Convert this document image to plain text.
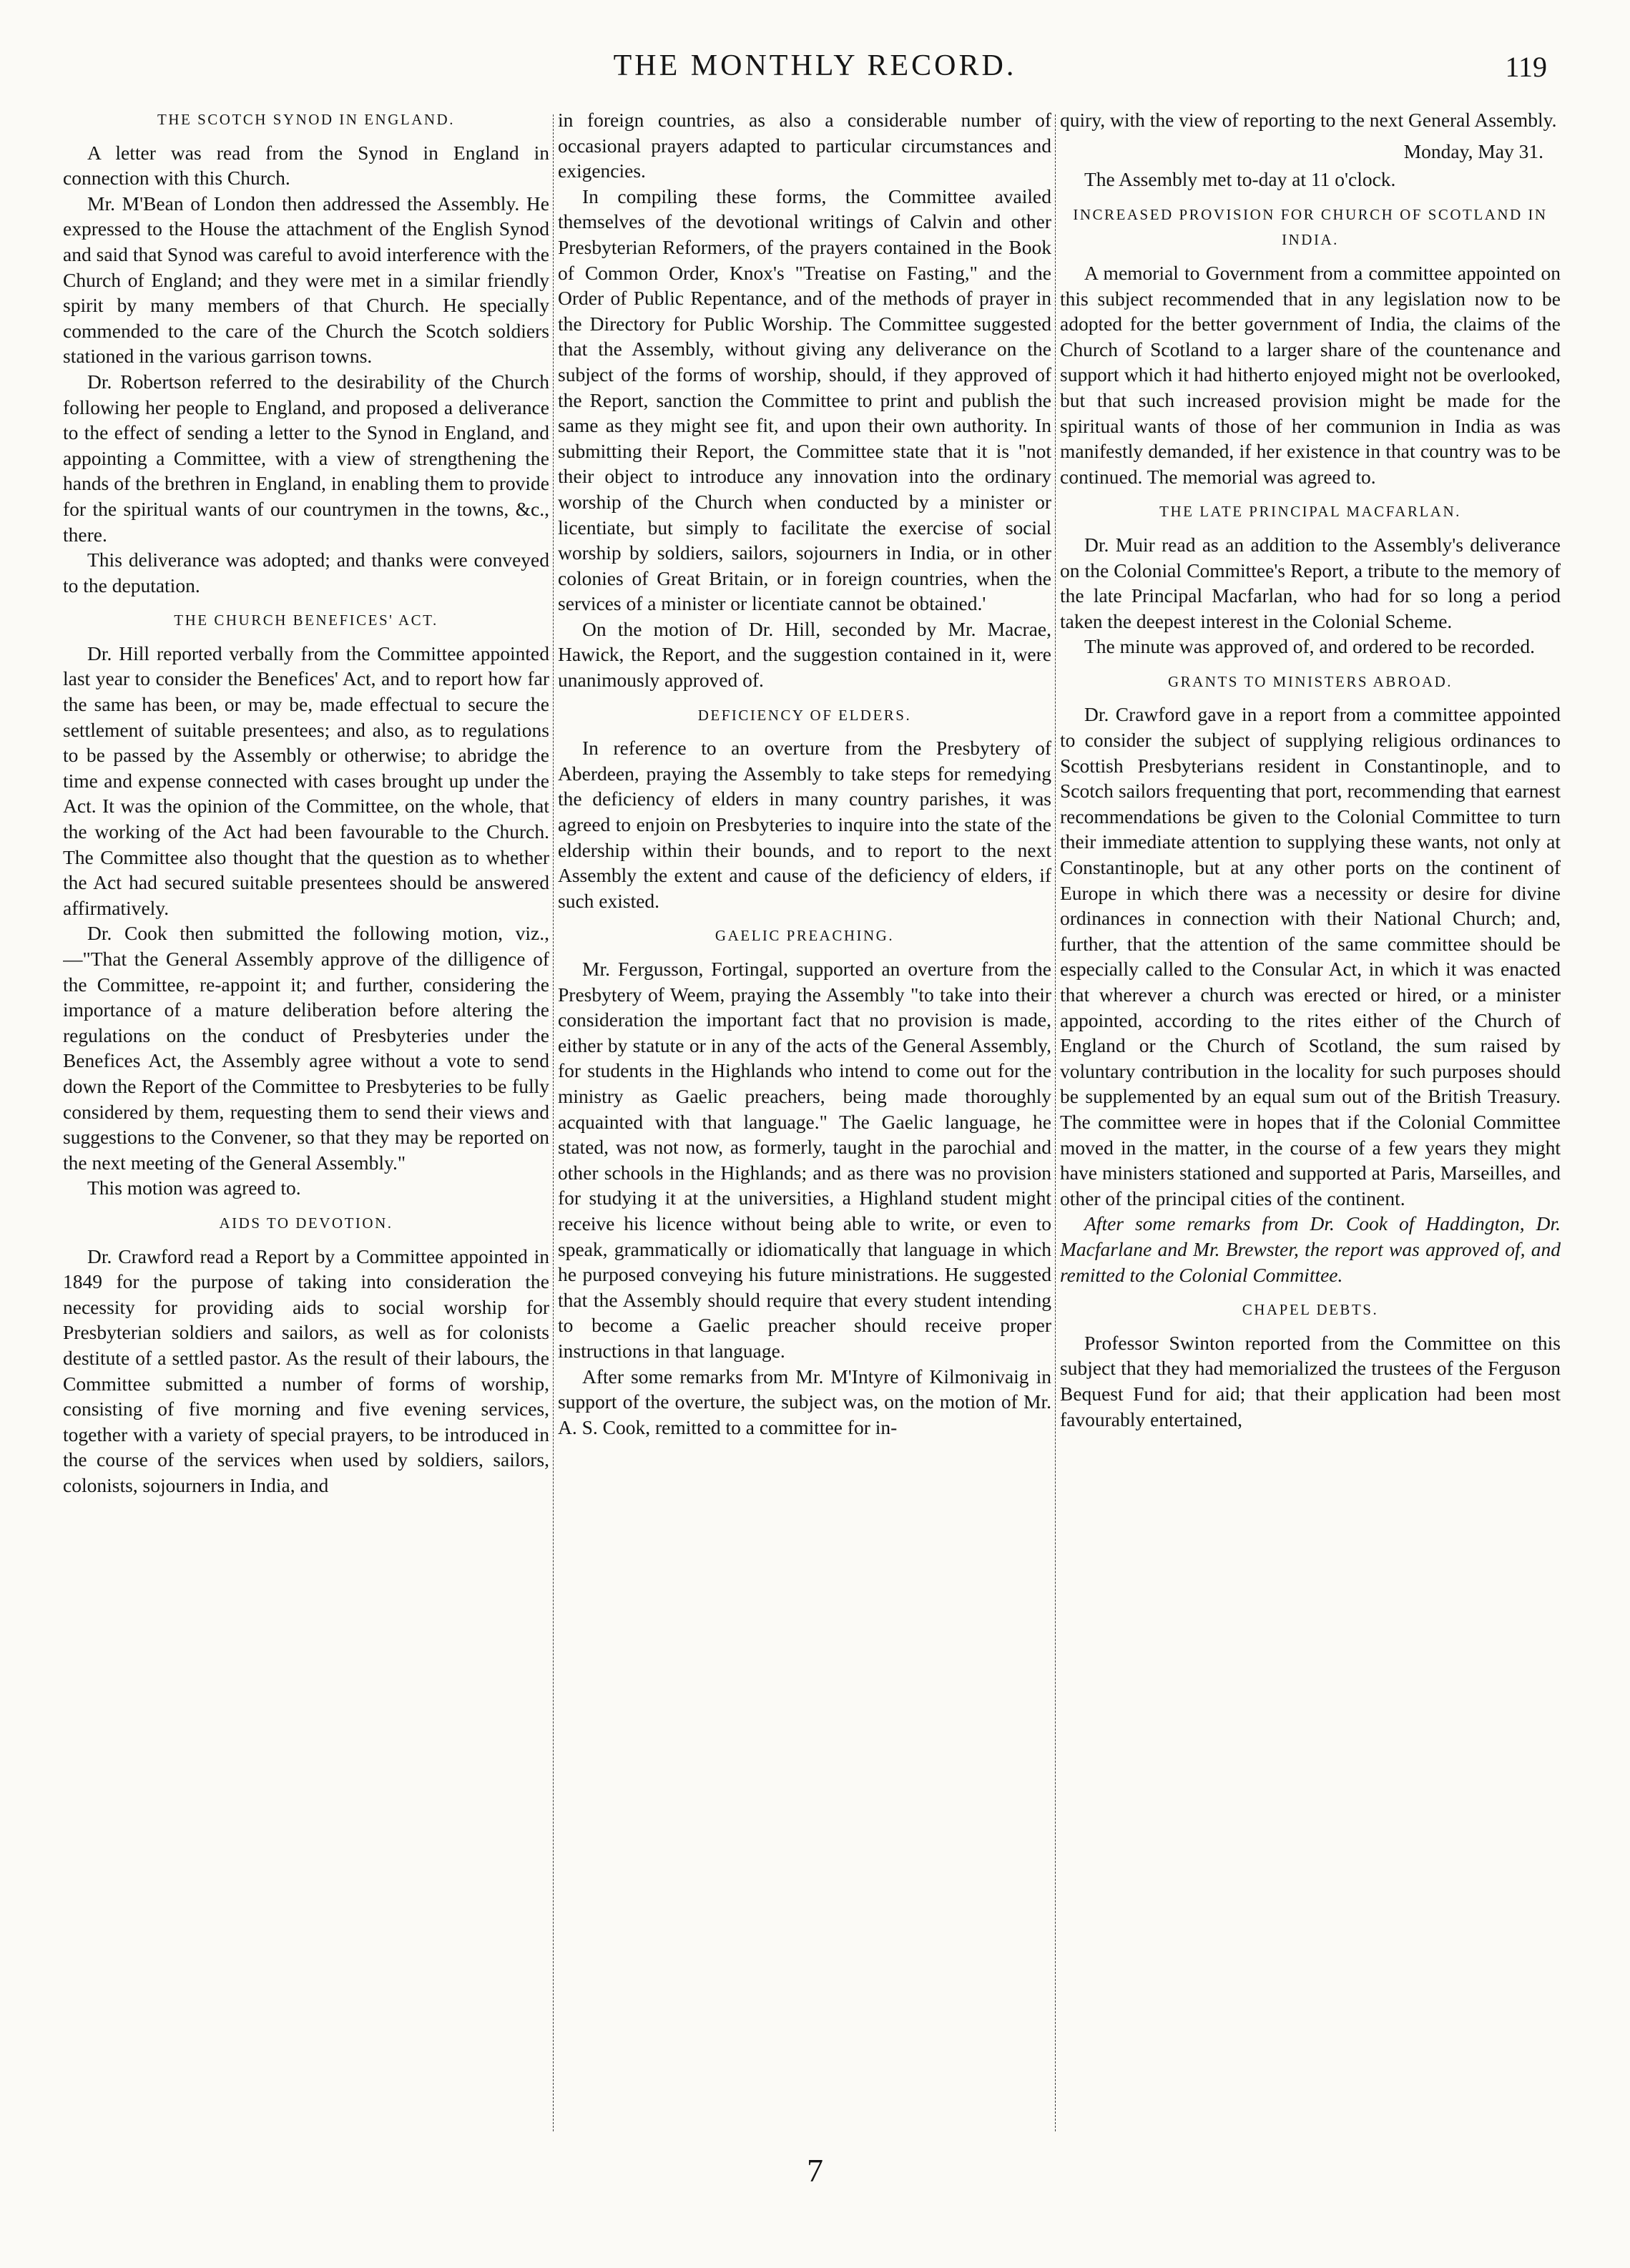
THE MONTHLY RECORD.	119
THE SCOTCH SYNOD IN ENGLAND.

A letter was read from the Synod in England in connection with this Church.

Mr. M'Bean of London then addressed the Assembly. He expressed to the House the attachment of the English Synod and said that Synod was careful to avoid interference with the Church of England; and they were met in a similar friendly spirit by many members of that Church. He specially commended to the care of the Church the Scotch soldiers stationed in the various garrison towns.

Dr. Robertson referred to the desirability of the Church following her people to England, and proposed a deliverance to the effect of sending a letter to the Synod in England, and appointing a Committee, with a view of strengthening the hands of the brethren in England, in enabling them to provide for the spiritual wants of our countrymen in the towns, &c., there.

This deliverance was adopted; and thanks were conveyed to the deputation.

THE CHURCH BENEFICES' ACT.

Dr. Hill reported verbally from the Committee appointed last year to consider the Benefices' Act, and to report how far the same has been, or may be, made effectual to secure the settlement of suitable presentees; and also, as to regulations to be passed by the Assembly or otherwise; to abridge the time and expense connected with cases brought up under the Act. It was the opinion of the Committee, on the whole, that the working of the Act had been favourable to the Church. The Committee also thought that the question as to whether the Act had secured suitable presentees should be answered affirmatively.

Dr. Cook then submitted the following motion, viz.,—"That the General Assembly approve of the dilligence of the Committee, re-appoint it; and further, considering the importance of a mature deliberation before altering the regulations on the conduct of Presbyteries under the Benefices Act, the Assembly agree without a vote to send down the Report of the Committee to Presbyteries to be fully considered by them, requesting them to send their views and suggestions to the Convener, so that they may be reported on the next meeting of the General Assembly."

This motion was agreed to.

AIDS TO DEVOTION.

Dr. Crawford read a Report by a Committee appointed in 1849 for the purpose of taking into consideration the necessity for providing aids to social worship for Presbyterian soldiers and sailors, as well as for colonists destitute of a settled pastor. As the result of their labours, the Committee submitted a number of forms of worship, consisting of five morning and five evening services, together with a variety of special prayers, to be introduced in the course of the services when used by soldiers, sailors, colonists, sojourners in India, and

in foreign countries, as also a considerable number of occasional prayers adapted to particular circumstances and exigencies.

In compiling these forms, the Committee availed themselves of the devotional writings of Calvin and other Presbyterian Reformers, of the prayers contained in the Book of Common Order, Knox's "Treatise on Fasting," and the Order of Public Repentance, and of the methods of prayer in the Directory for Public Worship. The Committee suggested that the Assembly, without giving any deliverance on the subject of the forms of worship, should, if they approved of the Report, sanction the Committee to print and publish the same as they might see fit, and upon their own authority. In submitting their Report, the Committee state that it is "not their object to introduce any innovation into the ordinary worship of the Church when conducted by a minister or licentiate, but simply to facilitate the exercise of social worship by soldiers, sailors, sojourners in India, or in other colonies of Great Britain, or in foreign countries, when the services of a minister or licentiate cannot be obtained.'

On the motion of Dr. Hill, seconded by Mr. Macrae, Hawick, the Report, and the suggestion contained in it, were unanimously approved of.

DEFICIENCY OF ELDERS.

In reference to an overture from the Presbytery of Aberdeen, praying the Assembly to take steps for remedying the deficiency of elders in many country parishes, it was agreed to enjoin on Presbyteries to inquire into the state of the eldership within their bounds, and to report to the next Assembly the extent and cause of the deficiency of elders, if such existed.

GAELIC PREACHING.

Mr. Fergusson, Fortingal, supported an overture from the Presbytery of Weem, praying the Assembly "to take into their consideration the important fact that no provision is made, either by statute or in any of the acts of the General Assembly, for students in the Highlands who intend to come out for the ministry as Gaelic preachers, being made thoroughly acquainted with that language." The Gaelic language, he stated, was not now, as formerly, taught in the parochial and other schools in the Highlands; and as there was no provision for studying it at the universities, a Highland student might receive his licence without being able to write, or even to speak, grammatically or idiomatically that language in which he purposed conveying his future ministrations. He suggested that the Assembly should require that every student intending to become a Gaelic preacher should receive proper instructions in that language.

After some remarks from Mr. M'Intyre of Kilmonivaig in support of the overture, the subject was, on the motion of Mr. A. S. Cook, remitted to a committee for in-

quiry, with the view of reporting to the next General Assembly.

Monday, May 31.

The Assembly met to-day at 11 o'clock.

INCREASED PROVISION FOR CHURCH OF SCOTLAND IN INDIA.

A memorial to Government from a committee appointed on this subject recommended that in any legislation now to be adopted for the better government of India, the claims of the Church of Scotland to a larger share of the countenance and support which it had hitherto enjoyed might not be overlooked, but that such increased provision might be made for the spiritual wants of those of her communion in India as was manifestly demanded, if her existence in that country was to be continued. The memorial was agreed to.

THE LATE PRINCIPAL MACFARLAN.

Dr. Muir read as an addition to the Assembly's deliverance on the Colonial Committee's Report, a tribute to the memory of the late Principal Macfarlan, who had for so long a period taken the deepest interest in the Colonial Scheme.

The minute was approved of, and ordered to be recorded.

GRANTS TO MINISTERS ABROAD.

Dr. Crawford gave in a report from a committee appointed to consider the subject of supplying religious ordinances to Scottish Presbyterians resident in Constantinople, and to Scotch sailors frequenting that port, recommending that earnest recommendations be given to the Colonial Committee to turn their immediate attention to supplying these wants, not only at Constantinople, but at any other ports on the continent of Europe in which there was a necessity or desire for divine ordinances in connection with their National Church; and, further, that the attention of the same committee should be especially called to the Consular Act, in which it was enacted that wherever a church was erected or hired, or a minister appointed, according to the rites either of the Church of England or the Church of Scotland, the sum raised by voluntary contribution in the locality for such purposes should be supplemented by an equal sum out of the British Treasury. The committee were in hopes that if the Colonial Committee moved in the matter, in the course of a few years they might have ministers stationed and supported at Paris, Marseilles, and other of the principal cities of the continent.

After some remarks from Dr. Cook of Haddington, Dr. Macfarlane and Mr. Brewster, the report was approved of, and remitted to the Colonial Committee.

CHAPEL DEBTS.

Professor Swinton reported from the Committee on this subject that they had memorialized the trustees of the Ferguson Bequest Fund for aid; that their application had been most favourably entertained,

7
